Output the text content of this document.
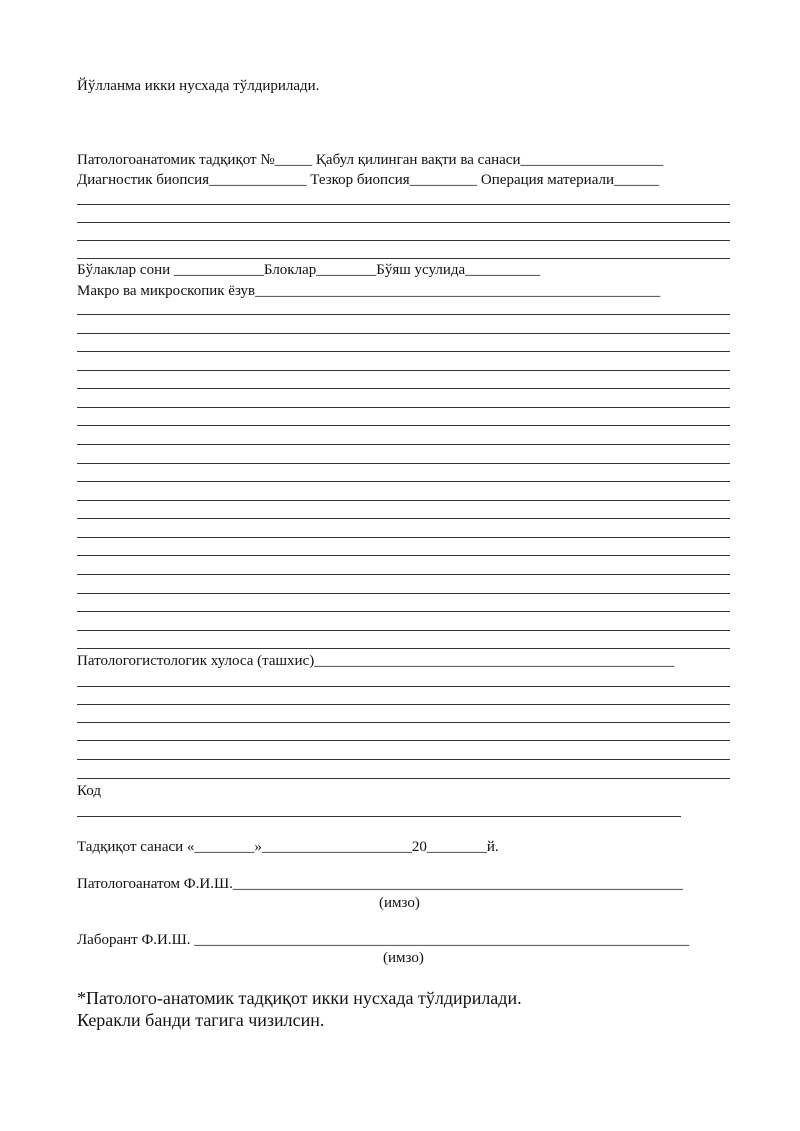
Йўлланма икки нусхада тўлдирилади.
Патологоанатомик тадқиқот №_____ Қабул қилинган вақти ва санаси___________________
Диагностик биопсия_____________ Тезкор биопсия_________ Операция материали______
Бўлаклар сони ____________Блоклар________Бўяш усулида__________
Макро ва микроскопик ёзув______________________________________________________
Патологогистологик хулоса (ташхис)________________________________________________
Код
Тадқиқот санаси «________»____________________20________й.
Патологоанатом Ф.И.Ш.____________________________________________________________
(имзо)
Лаборант Ф.И.Ш. __________________________________________________________________
(имзо)
*Патолого-анатомик тадқиқот икки нусхада тўлдирилади.
Керакли банди тагига чизилсин.
